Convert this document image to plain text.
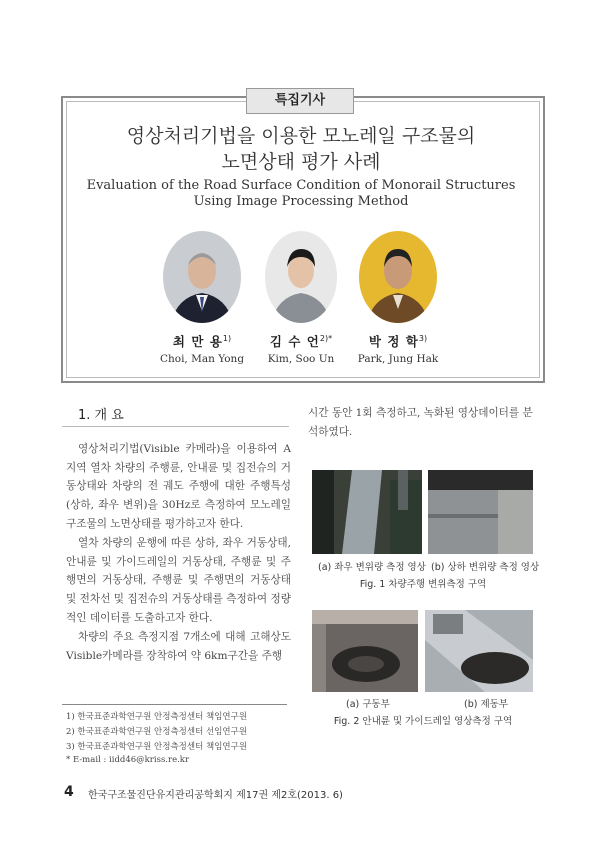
특집기사
영상처리기법을 이용한 모노레일 구조물의
노면상태 평가 사례
Evaluation of the Road Surface Condition of Monorail Structures
Using Image Processing Method
최 만 용$^{1)}$	김 수 언$^{2)*}$	박 정 학$^{3)}$
Choi, Man Yong	Kim, Soo Un	Park, Jung Hak
1. 개 요

영상처리기법(Visible 카메라)을 이용하여 A 지역 열차 차량의 주행륜, 안내륜 및 집전슈의 거동상태와 차량의 전 궤도 주행에 대한 주행특성(상하, 좌우 변위)을 30Hz로 측정하여 모노레일 구조물의 노면상태를 평가하고자 한다.

열차 차량의 운행에 따른 상하, 좌우 거동상태, 안내륜 및 가이드레일의 거동상태, 주행륜 및 주행면의 거동상태, 주행륜 및 주행면의 거동상태 및 전차선 및 집전슈의 거동상태를 측정하여 정량적인 데이터를 도출하고자 한다.

차량의 주요 측정지점 7개소에 대해 고해상도 Visible카메라를 장착하여 약 6km구간을 주행

1) 한국표준과학연구원 안정측정센터 책임연구원
2) 한국표준과학연구원 안정측정센터 선임연구원
3) 한국표준과학연구원 안정측정센터 책임연구원
* E-mail : iidd46@kriss.re.kr

시간 동안 1회 측정하고, 녹화된 영상데이터를 분석하였다.

(a) 좌우 변위량 측정 영상 (b) 상하 변위량 측정 영상
Fig. 1 차량주행 변위측정 구역
(a) 구동부	(b) 제동부
Fig. 2 안내륜 및 가이드레일 영상측정 구역
4 한국구조물진단유지관리공학회지 제17권 제2호(2013. 6)
